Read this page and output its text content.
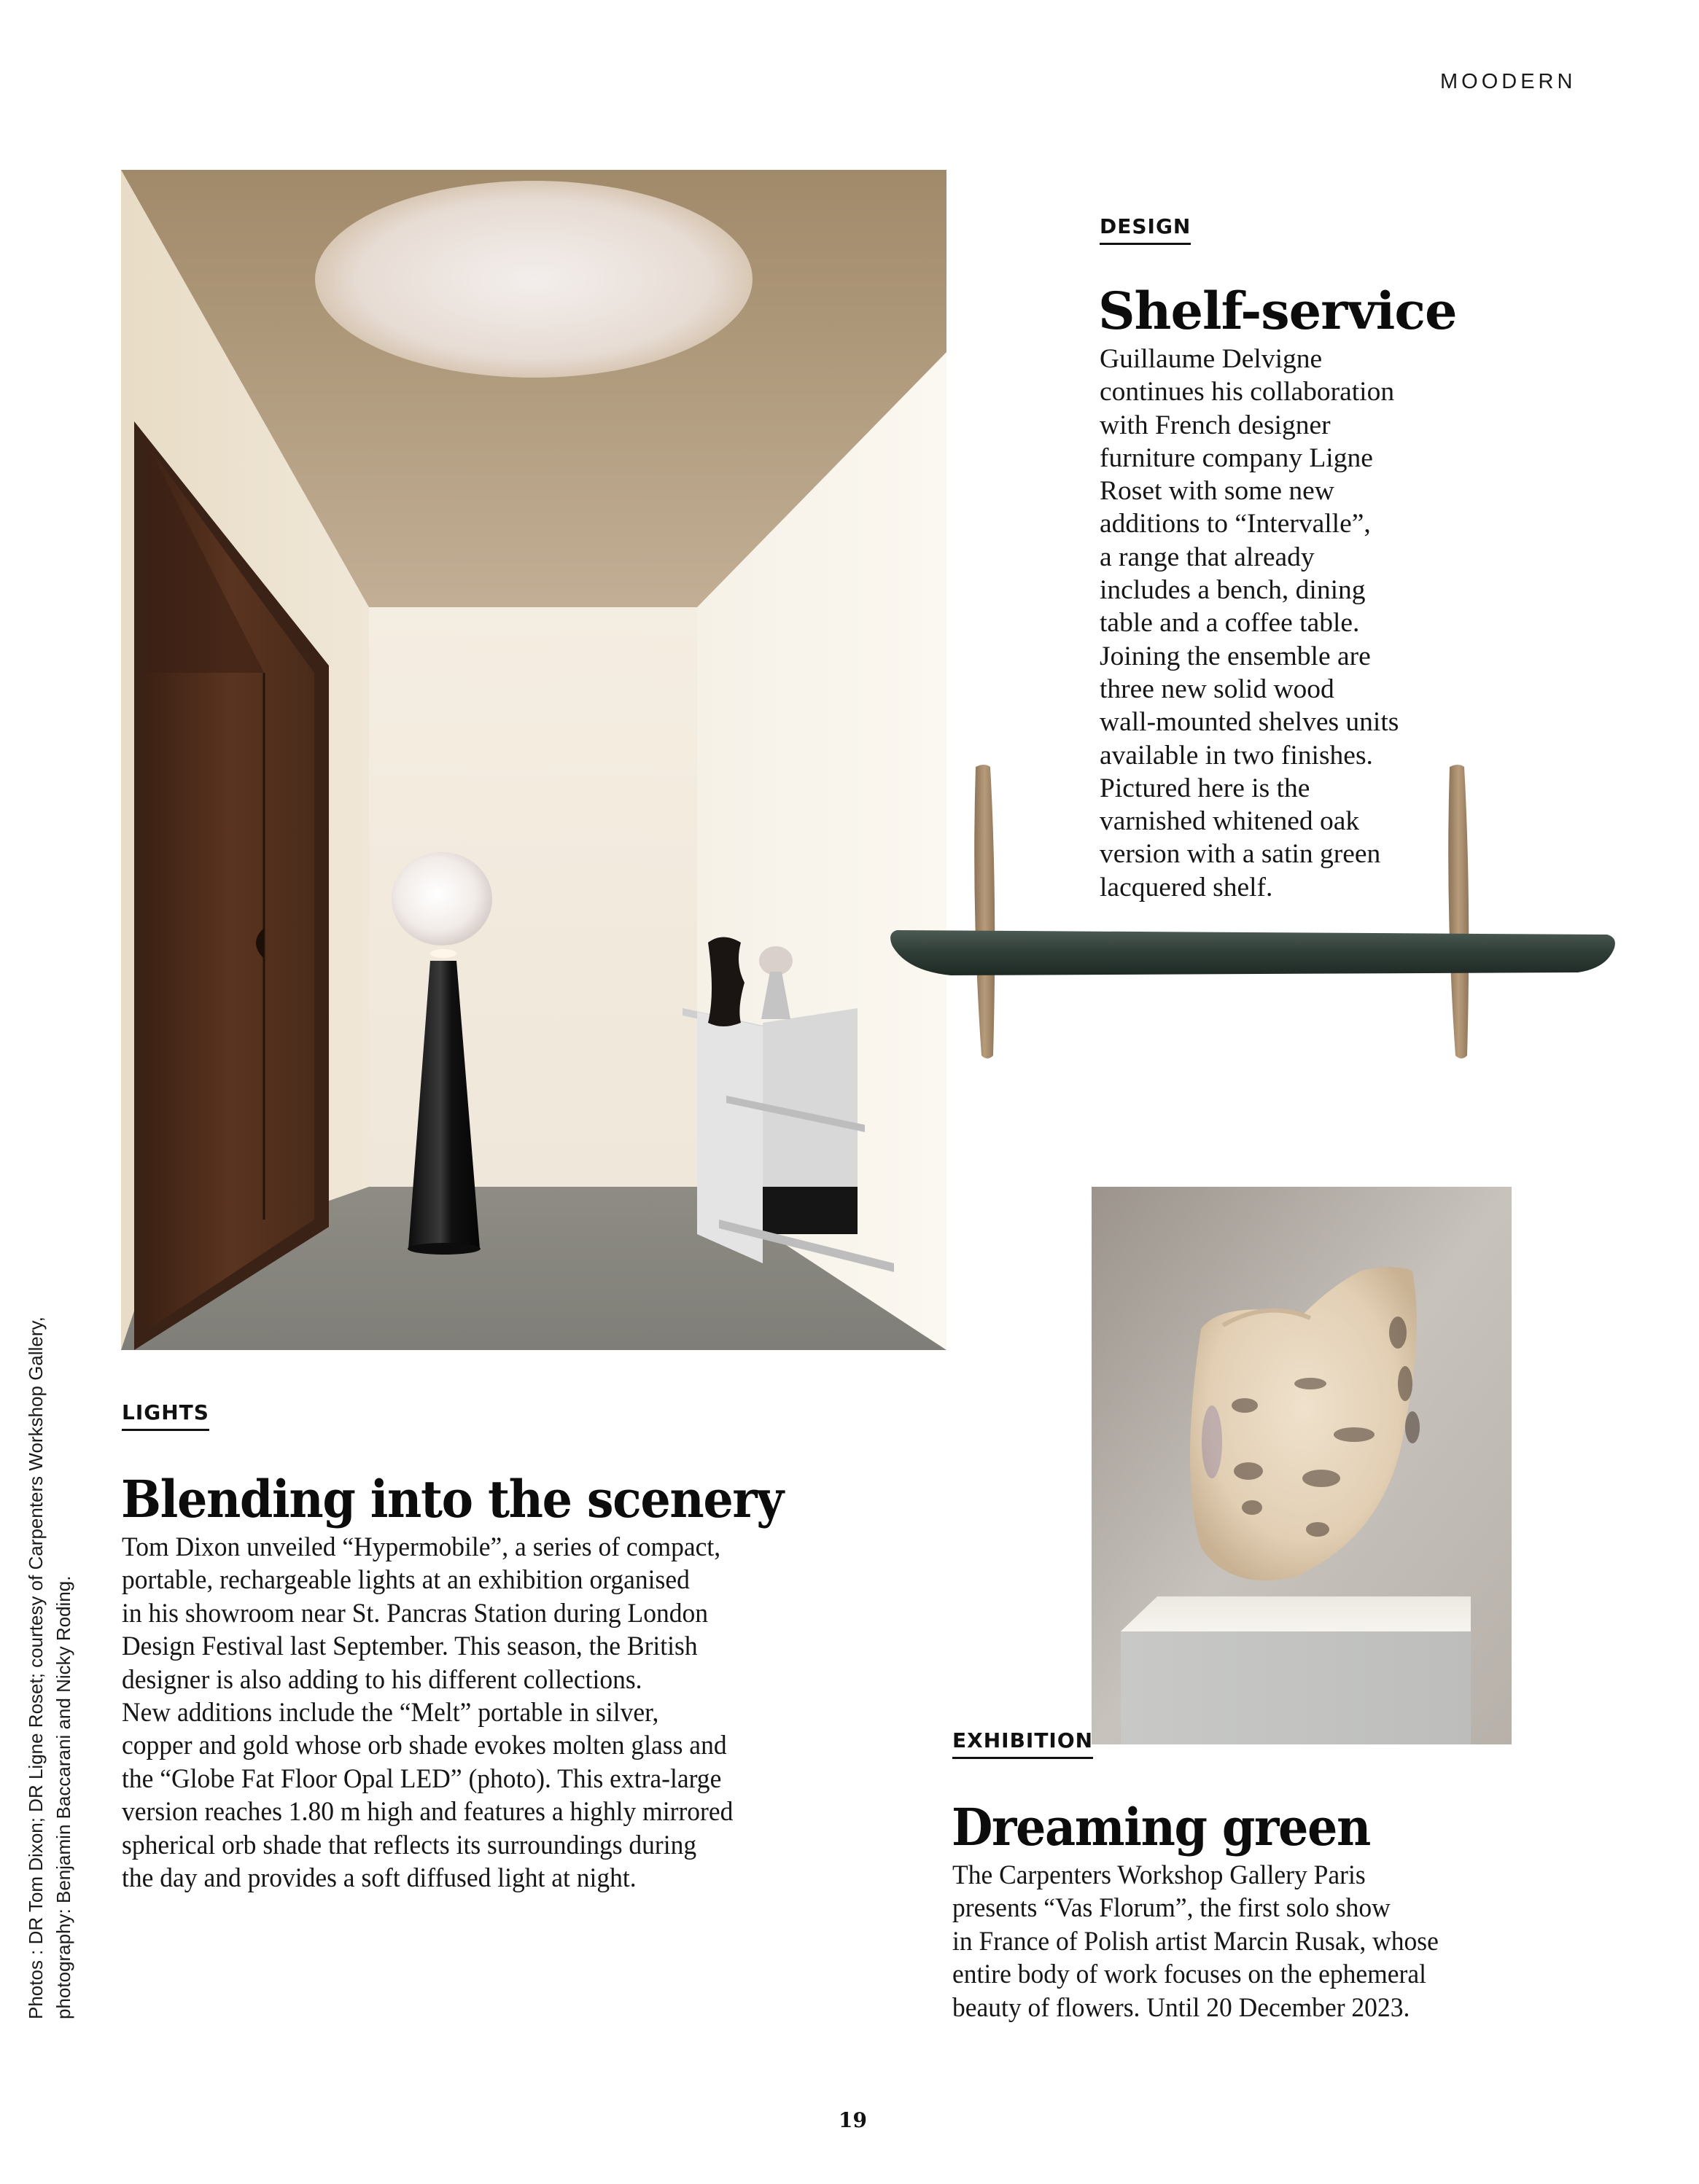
MOODERN
DESIGN
Shelf-service

Guillaume Delvigne
continues his collaboration
with French designer
furniture company Ligne
Roset with some new
additions to “Intervalle”,
a range that already
includes a bench, dining
table and a coffee table.
Joining the ensemble are
three new solid wood
wall-mounted shelves units
available in two finishes.
Pictured here is the
varnished whitened oak
version with a satin green
lacquered shelf.

LIGHTS
Blending into the scenery

Tom Dixon unveiled “Hypermobile”, a series of compact,
portable, rechargeable lights at an exhibition organised
in his showroom near St. Pancras Station during London
Design Festival last September. This season, the British
designer is also adding to his different collections.
New additions include the “Melt” portable in silver,
copper and gold whose orb shade evokes molten glass and
the “Globe Fat Floor Opal LED” (photo). This extra-large
version reaches 1.80 m high and features a highly mirrored
spherical orb shade that reflects its surroundings during
the day and provides a soft diffused light at night.

EXHIBITION
Dreaming green

The Carpenters Workshop Gallery Paris
presents “Vas Florum”, the first solo show
in France of Polish artist Marcin Rusak, whose
entire body of work focuses on the ephemeral
beauty of flowers. Until 20 December 2023.

Photos : DR Tom Dixon; DR Ligne Roset; courtesy of Carpenters Workshop Gallery, photography: Benjamin Baccarani and Nicky Roding.
19
